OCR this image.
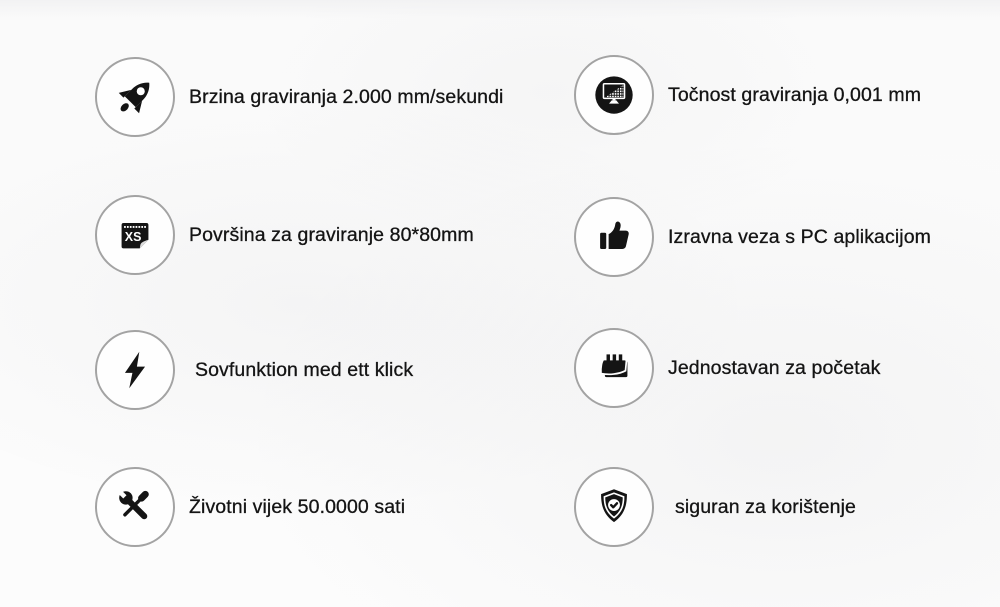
Brzina graviranja 2.000 mm/sekundi	Točnost graviranja 0,001 mm
XS Površina za graviranje 80*80mm	Izravna veza s PC aplikacijom
Sovfunktion med ett klick	Jednostavan za početak
Životni vijek 50.0000 sati	siguran za korištenje
